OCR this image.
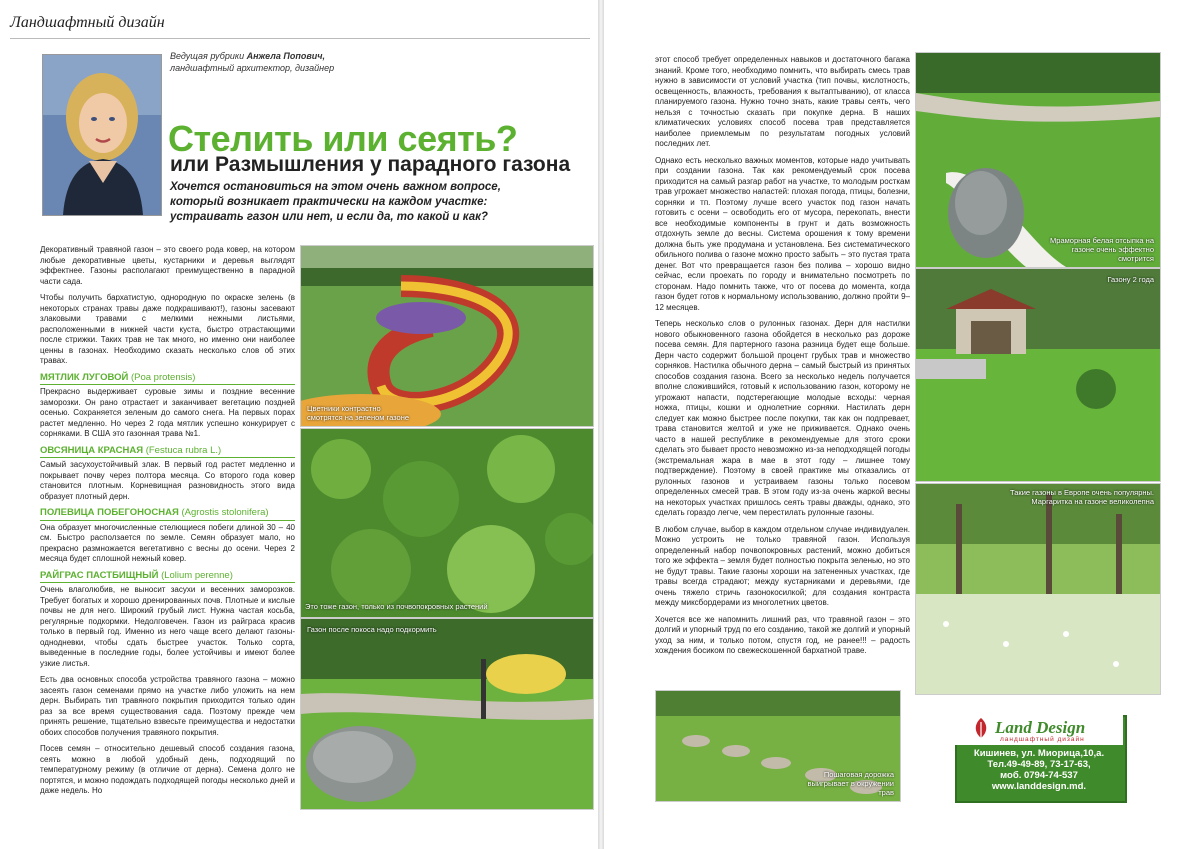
Ландшафтный дизайн
Ведущая рубрики Анжела Попович,
ландшафтный архитектор, дизайнер
Стелить или сеять?
или Размышления у парадного газона
Хочется остановиться на этом очень важном вопросе, который возникает практически на каждом участке: устраивать газон или нет, и если да, то какой и как?

Декоративный травяной газон – это своего рода ковер, на котором любые декоративные цветы, кустарники и деревья выглядят эффектнее. Газоны располагают преимущественно в парадной части сада.

Чтобы получить бархатистую, однородную по окраске зелень (в некоторых странах травы даже подкрашивают!), газоны засевают злаковыми травами с мелкими нежными листьями, расположенными в нижней части куста, быстро отрастающими после стрижки. Таких трав не так много, но именно они наиболее ценны в газонах. Необходимо сказать несколько слов об этих травах.

МЯТЛИК ЛУГОВОЙ (Poa protensis)

Прекрасно выдерживает суровые зимы и поздние весенние заморозки. Он рано отрастает и заканчивает вегетацию поздней осенью. Сохраняется зеленым до самого снега. На первых порах растет медленно. Но через 2 года мятлик успешно конкурирует с сорняками. В США это газонная трава №1.

ОВСЯНИЦА КРАСНАЯ (Festuca rubra L.)

Самый засухоустойчивый злак. В первый год растет медленно и покрывает почву через полтора месяца. Со второго года ковер становится плотным. Корневищная разновидность этого вида образует плотный дерн.

ПОЛЕВИЦА ПОБЕГОНОСНАЯ (Agrostis stolonifera)

Она образует многочисленные стелющиеся побеги длиной 30 – 40 см. Быстро расползается по земле. Семян образует мало, но прекрасно размножается вегетативно с весны до осени. Через 2 месяца будет сплошной нежный ковер.

РАЙГРАС ПАСТБИЩНЫЙ (Lolium perenne)

Очень влаголюбив, не выносит засухи и весенних заморозков. Требует богатых и хорошо дренированных почв. Плотные и кислые почвы не для него. Широкий грубый лист. Нужна частая косьба, регулярные подкормки. Недолговечен. Газон из райграса красив только в первый год. Именно из него чаще всего делают газоны-однодневки, чтобы сдать быстрее участок. Только сорта, выведенные в последние годы, более устойчивы и имеют более узкие листья.

Есть два основных способа устройства травяного газона – можно засеять газон семенами прямо на участке либо уложить на нем дерн. Выбирать тип травяного покрытия приходится только один раз за все время существования сада. Поэтому прежде чем принять решение, тщательно взвесьте преимущества и недостатки обоих способов получения травяного покрытия.

Посев семян – относительно дешевый способ создания газона, сеять можно в любой удобный день, подходящий по температурному режиму (в отличие от дерна). Семена долго не портятся, и можно подождать подходящей погоды несколько дней и даже недель. Но

Цветники контрастно смотрятся на зеленом газоне
Это тоже газон, только из почвопокровных растений
Газон после покоса надо подкормить

этот способ требует определенных навыков и достаточного багажа знаний. Кроме того, необходимо помнить, что выбирать смесь трав нужно в зависимости от условий участка (тип почвы, кислотность, освещенность, влажность, требования к вытаптыванию), от класса планируемого газона. Нужно точно знать, какие травы сеять, чего нельзя с точностью сказать при покупке дерна. В наших климатических условиях способ посева трав представляется наиболее приемлемым по результатам погодных условий последних лет.

Однако есть несколько важных моментов, которые надо учитывать при создании газона. Так как рекомендуемый срок посева приходится на самый разгар работ на участке, то молодым росткам трав угрожает множество напастей: плохая погода, птицы, болезни, сорняки и тп. Поэтому лучше всего участок под газон начать готовить с осени – освободить его от мусора, перекопать, внести все необходимые компоненты в грунт и дать возможность отдохнуть земле до весны. Система орошения к тому времени должна быть уже продумана и установлена. Без систематического обильного полива о газоне можно просто забыть – это пустая трата денег. Вот что превращается газон без полива – хорошо видно сейчас, если проехать по городу и внимательно посмотреть по сторонам. Надо помнить также, что от посева до момента, когда газон будет готов к нормальному использованию, должно пройти 9–12 месяцев.

Теперь несколько слов о рулонных газонах. Дерн для настилки нового обыкновенного газона обойдется в несколько раз дороже посева семян. Для партерного газона разница будет еще больше. Дерн часто содержит большой процент грубых трав и множество сорняков. Настилка обычного дерна – самый быстрый из принятых способов создания газона. Всего за несколько недель получается вполне сложившийся, готовый к использованию газон, которому не угрожают напасти, подстерегающие молодые всходы: черная ножка, птицы, кошки и однолетние сорняки. Настилать дерн следует как можно быстрее после покупки, так как он подпревает, трава становится желтой и уже не приживается. Однако очень часто в нашей республике в рекомендуемые для этого сроки сделать это бывает просто невозможно из-за неподходящей погоды (экстремальная жара в мае в этот году – лишнее тому подтверждение). Поэтому в своей практике мы отказались от рулонных газонов и устраиваем газоны только посевом определенных смесей трав. В этом году из-за очень жаркой весны на некоторых участках пришлось сеять травы дважды, однако, это сделать гораздо легче, чем перестилать рулонные газоны.

В любом случае, выбор в каждом отдельном случае индивидуален. Можно устроить не только травяной газон. Используя определенный набор почвопокровных растений, можно добиться того же эффекта – земля будет полностью покрыта зеленью, но это не будут травы. Такие газоны хороши на затененных участках, где травы всегда страдают; между кустарниками и деревьями, где очень тяжело стричь газонокосилкой; для создания контраста между миксбордерами из многолетних цветов.

Хочется все же напомнить лишний раз, что травяной газон – это долгий и упорный труд по его созданию, такой же долгий и упорный уход за ним, и только потом, спустя год, не ранее!!! – радость хождения босиком по свежескошенной бархатной траве.

Мраморная белая отсыпка на газоне очень эффектно смотрится
Газону 2 года
Такие газоны в Европе очень популярны. Маргаритка на газоне великолепна
Пошаговая дорожка выигрывает в окружении трав
Land Design
ландшафтный дизайн
Кишинев, ул. Миорица,10,а.
Тел.49-49-89, 73-17-63,
моб. 0794-74-537
www.landdesign.md.
